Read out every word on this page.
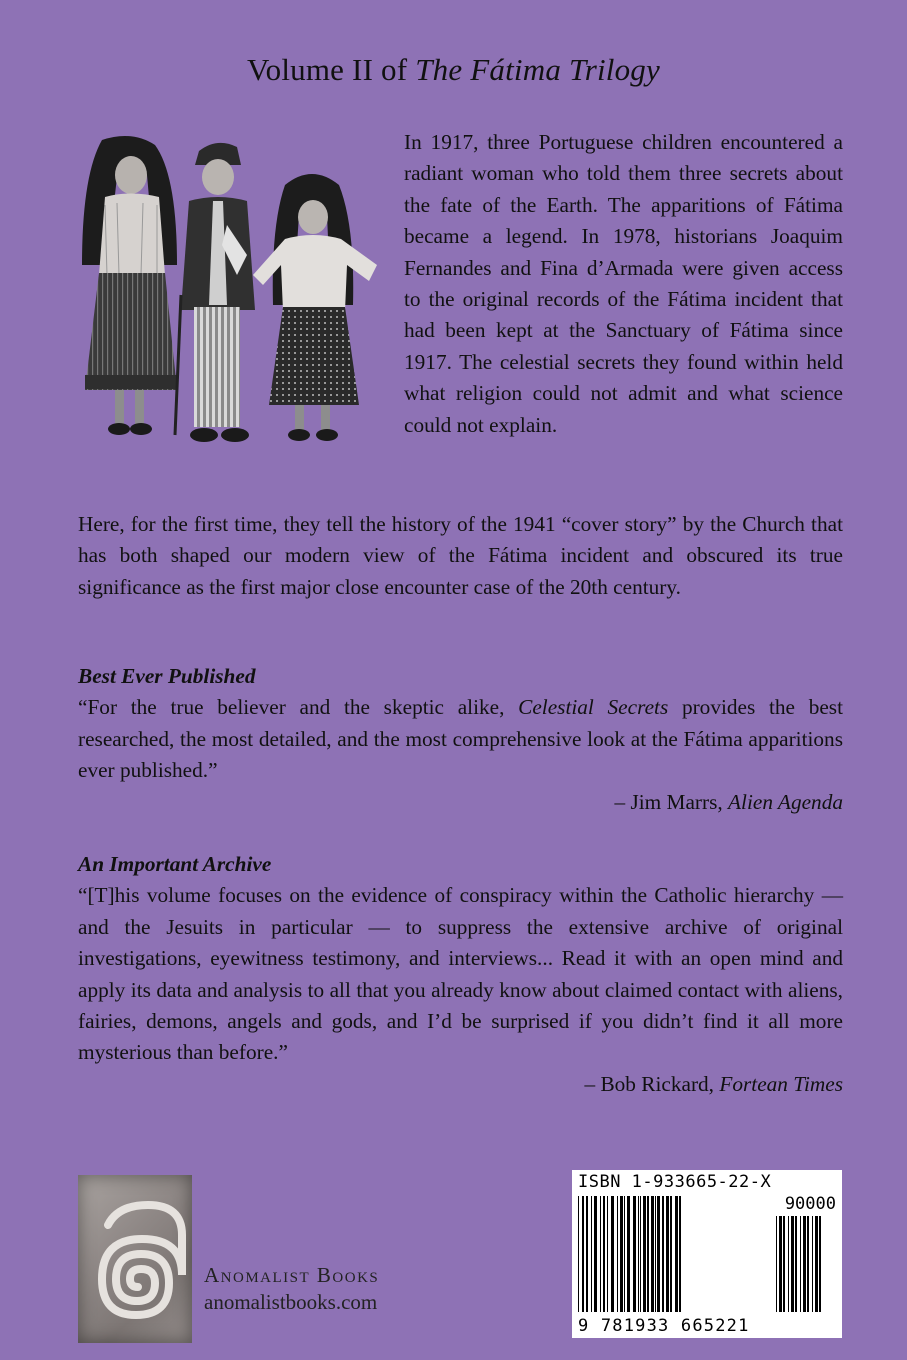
Volume II of The Fátima Trilogy
In 1917, three Portuguese children encountered a radiant woman who told them three secrets about the fate of the Earth. The apparitions of Fátima became a legend. In 1978, historians Joaquim Fernandes and Fina d’Armada were given access to the original records of the Fátima incident that had been kept at the Sanctuary of Fátima since 1917. The celestial secrets they found within held what religion could not admit and what science could not explain.
Here, for the first time, they tell the history of the 1941 “cover story” by the Church that has both shaped our modern view of the Fátima incident and obscured its true significance as the first major close encounter case of the 20th century.
Best Ever Published
“For the true believer and the skeptic alike, Celestial Secrets provides the best researched, the most detailed, and the most comprehensive look at the Fátima apparitions ever published.”
– Jim Marrs, Alien Agenda
An Important Archive
“[T]his volume focuses on the evidence of conspiracy within the Catholic hierarchy — and the Jesuits in particular — to suppress the extensive archive of original investigations, eyewitness testimony, and interviews... Read it with an open mind and apply its data and analysis to all that you already know about claimed contact with aliens, fairies, demons, angels and gods, and I’d be surprised if you didn’t find it all more mysterious than before.”
– Bob Rickard, Fortean Times
Anomalist Books
anomalistbooks.com
ISBN 1-933665-22-X
90000
9 781933 665221
